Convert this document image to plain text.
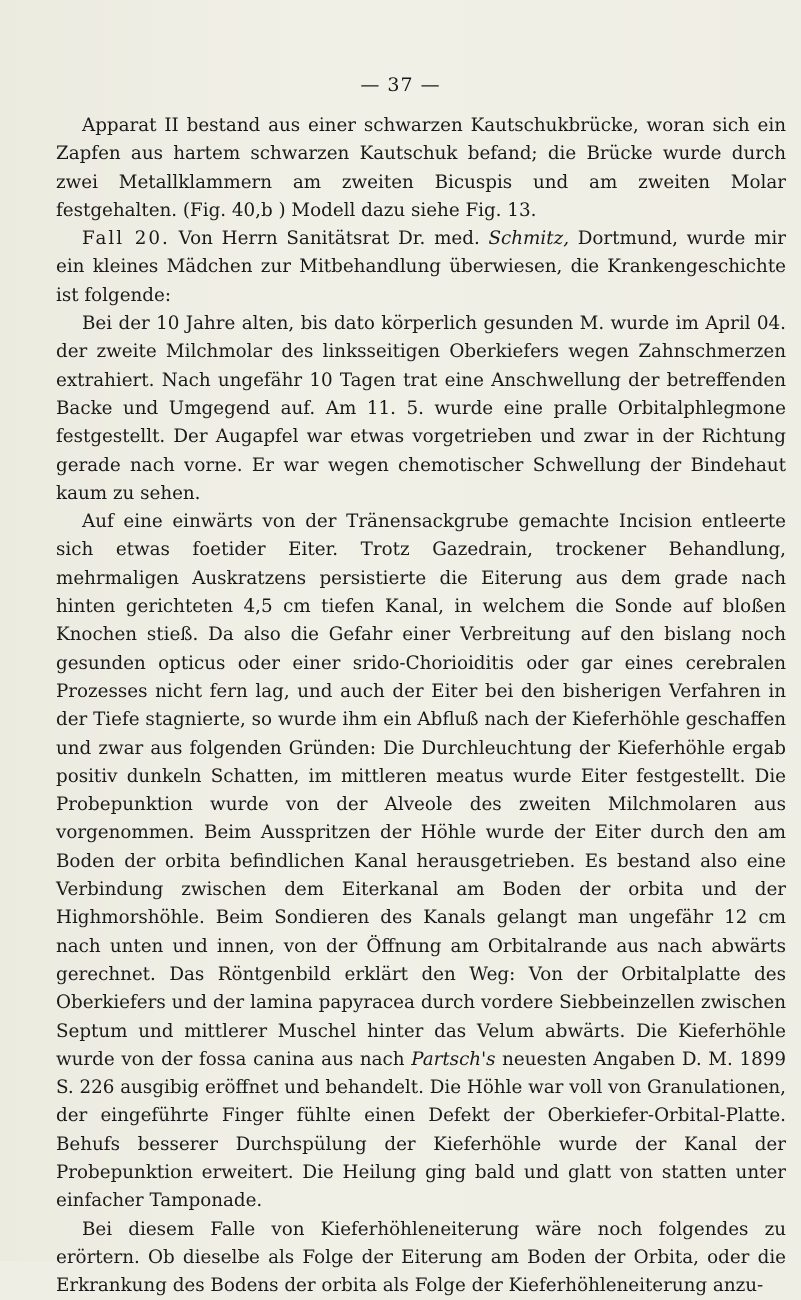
— 37 —

Apparat II bestand aus einer schwarzen Kautschukbrücke, woran sich ein Zapfen aus hartem schwarzen Kautschuk befand; die Brücke wurde durch zwei Metallklammern am zweiten Bicuspis und am zweiten Molar festgehalten. (Fig. 40,b ) Modell dazu siehe Fig. 13.

Fall 20. Von Herrn Sanitätsrat Dr. med. Schmitz, Dortmund, wurde mir ein kleines Mädchen zur Mitbehandlung überwiesen, die Krankengeschichte ist folgende:

Bei der 10 Jahre alten, bis dato körperlich gesunden M. wurde im April 04. der zweite Milchmolar des linksseitigen Oberkiefers wegen Zahnschmerzen extrahiert. Nach ungefähr 10 Tagen trat eine Anschwellung der betreffenden Backe und Umgegend auf. Am 11. 5. wurde eine pralle Orbitalphlegmone festgestellt. Der Augapfel war etwas vorgetrieben und zwar in der Richtung gerade nach vorne. Er war wegen chemotischer Schwellung der Bindehaut kaum zu sehen.

Auf eine einwärts von der Tränensackgrube gemachte Incision entleerte sich etwas foetider Eiter. Trotz Gazedrain, trockener Behandlung, mehrmaligen Auskratzens persistierte die Eiterung aus dem grade nach hinten gerichteten 4,5 cm tiefen Kanal, in welchem die Sonde auf bloßen Knochen stieß. Da also die Gefahr einer Verbreitung auf den bislang noch gesunden opticus oder einer srido-Chorioiditis oder gar eines cerebralen Prozesses nicht fern lag, und auch der Eiter bei den bisherigen Verfahren in der Tiefe stagnierte, so wurde ihm ein Abfluß nach der Kieferhöhle geschaffen und zwar aus folgenden Gründen: Die Durchleuchtung der Kieferhöhle ergab positiv dunkeln Schatten, im mittleren meatus wurde Eiter festgestellt. Die Probepunktion wurde von der Alveole des zweiten Milchmolaren aus vorgenommen. Beim Ausspritzen der Höhle wurde der Eiter durch den am Boden der orbita befindlichen Kanal herausgetrieben. Es bestand also eine Verbindung zwischen dem Eiterkanal am Boden der orbita und der Highmorshöhle. Beim Sondieren des Kanals gelangt man ungefähr 12 cm nach unten und innen, von der Öffnung am Orbitalrande aus nach abwärts gerechnet. Das Röntgenbild erklärt den Weg: Von der Orbitalplatte des Oberkiefers und der lamina papyracea durch vordere Siebbeinzellen zwischen Septum und mittlerer Muschel hinter das Velum abwärts. Die Kieferhöhle wurde von der fossa canina aus nach Partsch's neuesten Angaben D. M. 1899 S. 226 ausgibig eröffnet und behandelt. Die Höhle war voll von Granulationen, der eingeführte Finger fühlte einen Defekt der Oberkiefer-Orbital-Platte. Behufs besserer Durchspülung der Kieferhöhle wurde der Kanal der Probepunktion erweitert. Die Heilung ging bald und glatt von statten unter einfacher Tamponade.

Bei diesem Falle von Kieferhöhleneiterung wäre noch folgendes zu erörtern. Ob dieselbe als Folge der Eiterung am Boden der Orbita, oder die Erkrankung des Bodens der orbita als Folge der Kieferhöhleneiterung anzu-
